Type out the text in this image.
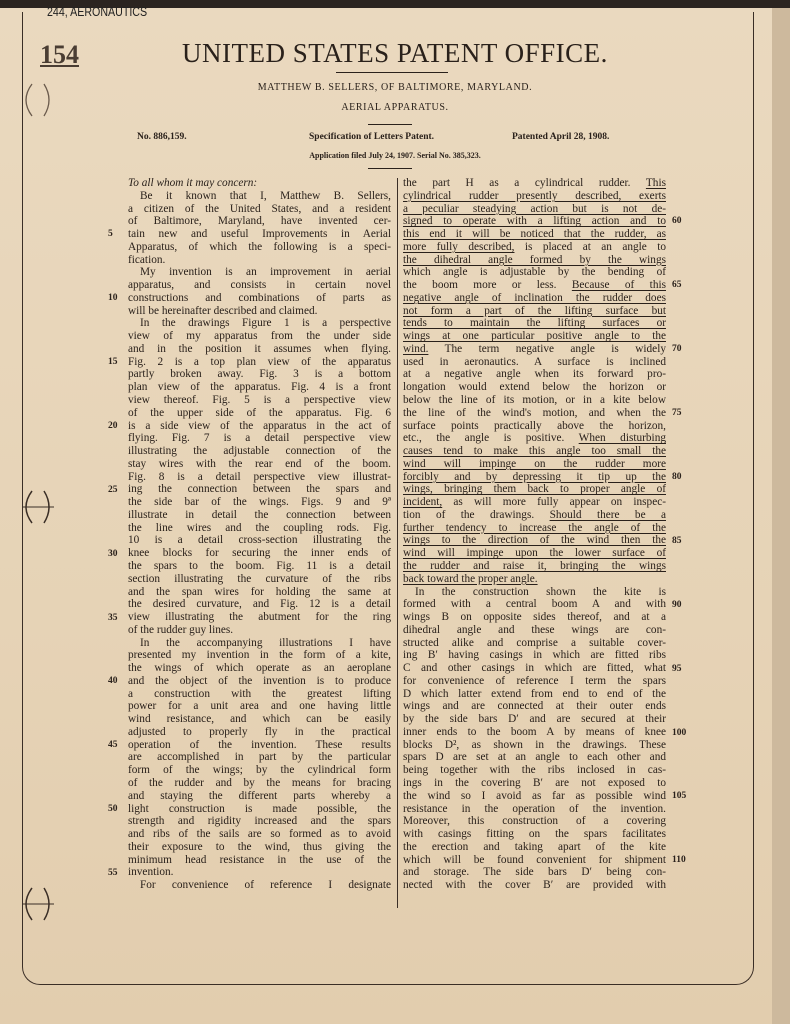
244, AERONAUTICS
154	UNITED STATES PATENT OFFICE.
MATTHEW B. SELLERS, OF BALTIMORE, MARYLAND.
AERIAL APPARATUS.
No. 886,159.	Specification of Letters Patent.	Patented April 28, 1908.
Application filed July 24, 1907. Serial No. 385,323.
To all whom it may concern:
Be it known that I, Matthew B. Sellers,
a citizen of the United States, and a resident
of Baltimore, Maryland, have invented cer-
tain new and useful Improvements in Aerial
Apparatus, of which the following is a speci-
fication.
My invention is an improvement in aerial
apparatus, and consists in certain novel
constructions and combinations of parts as
will be hereinafter described and claimed.
In the drawings Figure 1 is a perspective
view of my apparatus from the under side
and in the position it assumes when flying.
Fig. 2 is a top plan view of the apparatus
partly broken away. Fig. 3 is a bottom
plan view of the apparatus. Fig. 4 is a front
view thereof. Fig. 5 is a perspective view
of the upper side of the apparatus. Fig. 6
is a side view of the apparatus in the act of
flying. Fig. 7 is a detail perspective view
illustrating the adjustable connection of the
stay wires with the rear end of the boom.
Fig. 8 is a detail perspective view illustrat-
ing the connection between the spars and
the side bar of the wings. Figs. 9 and 9ª
illustrate in detail the connection between
the line wires and the coupling rods. Fig.
10 is a detail cross-section illustrating the
knee blocks for securing the inner ends of
the spars to the boom. Fig. 11 is a detail
section illustrating the curvature of the ribs
and the span wires for holding the same at
the desired curvature, and Fig. 12 is a detail
view illustrating the abutment for the ring
of the rudder guy lines.
In the accompanying illustrations I have
presented my invention in the form of a kite,
the wings of which operate as an aeroplane
and the object of the invention is to produce
a construction with the greatest lifting
power for a unit area and one having little
wind resistance, and which can be easily
adjusted to properly fly in the practical
operation of the invention. These results
are accomplished in part by the particular
form of the wings; by the cylindrical form
of the rudder and by the means for bracing
and staying the different parts whereby a
light construction is made possible, the
strength and rigidity increased and the spars
and ribs of the sails are so formed as to avoid
their exposure to the wind, thus giving the
minimum head resistance in the use of the
invention.
For convenience of reference I designate
the part H as a cylindrical rudder. This
cylindrical rudder presently described, exerts
a peculiar steadying action but is not de-
signed to operate with a lifting action and to
this end it will be noticed that the rudder, as
more fully described, is placed at an angle to
the dihedral angle formed by the wings
which angle is adjustable by the bending of
the boom more or less. Because of this
negative angle of inclination the rudder does
not form a part of the lifting surface but
tends to maintain the lifting surfaces or
wings at one particular positive angle to the
wind. The term negative angle is widely
used in aeronautics. A surface is inclined
at a negative angle when its forward pro-
longation would extend below the horizon or
below the line of its motion, or in a kite below
the line of the wind's motion, and when the
surface points practically above the horizon,
etc., the angle is positive. When disturbing
causes tend to make this angle too small the
wind will impinge on the rudder more
forcibly and by depressing it tip up the
wings, bringing them back to proper angle of
incident, as will more fully appear on inspec-
tion of the drawings. Should there be a
further tendency to increase the angle of the
wings to the direction of the wind then the
wind will impinge upon the lower surface of
the rudder and raise it, bringing the wings
back toward the proper angle.
In the construction shown the kite is
formed with a central boom A and with
wings B on opposite sides thereof, and at a
dihedral angle and these wings are con-
structed alike and comprise a suitable cover-
ing B′ having casings in which are fitted ribs
C and other casings in which are fitted, what
for convenience of reference I term the spars
D which latter extend from end to end of the
wings and are connected at their outer ends
by the side bars D′ and are secured at their
inner ends to the boom A by means of knee
blocks D², as shown in the drawings. These
spars D are set at an angle to each other and
being together with the ribs inclosed in cas-
ings in the covering B′ are not exposed to
the wind so I avoid as far as possible wind
resistance in the operation of the invention.
Moreover, this construction of a covering
with casings fitting on the spars facilitates
the erection and taking apart of the kite
which will be found convenient for shipment
and storage. The side bars D′ being con-
nected with the cover B′ are provided with
5
10
15
20
25
30
35
40
45
50
55
60
65
70
75
80
85
90
95
100
105
110
